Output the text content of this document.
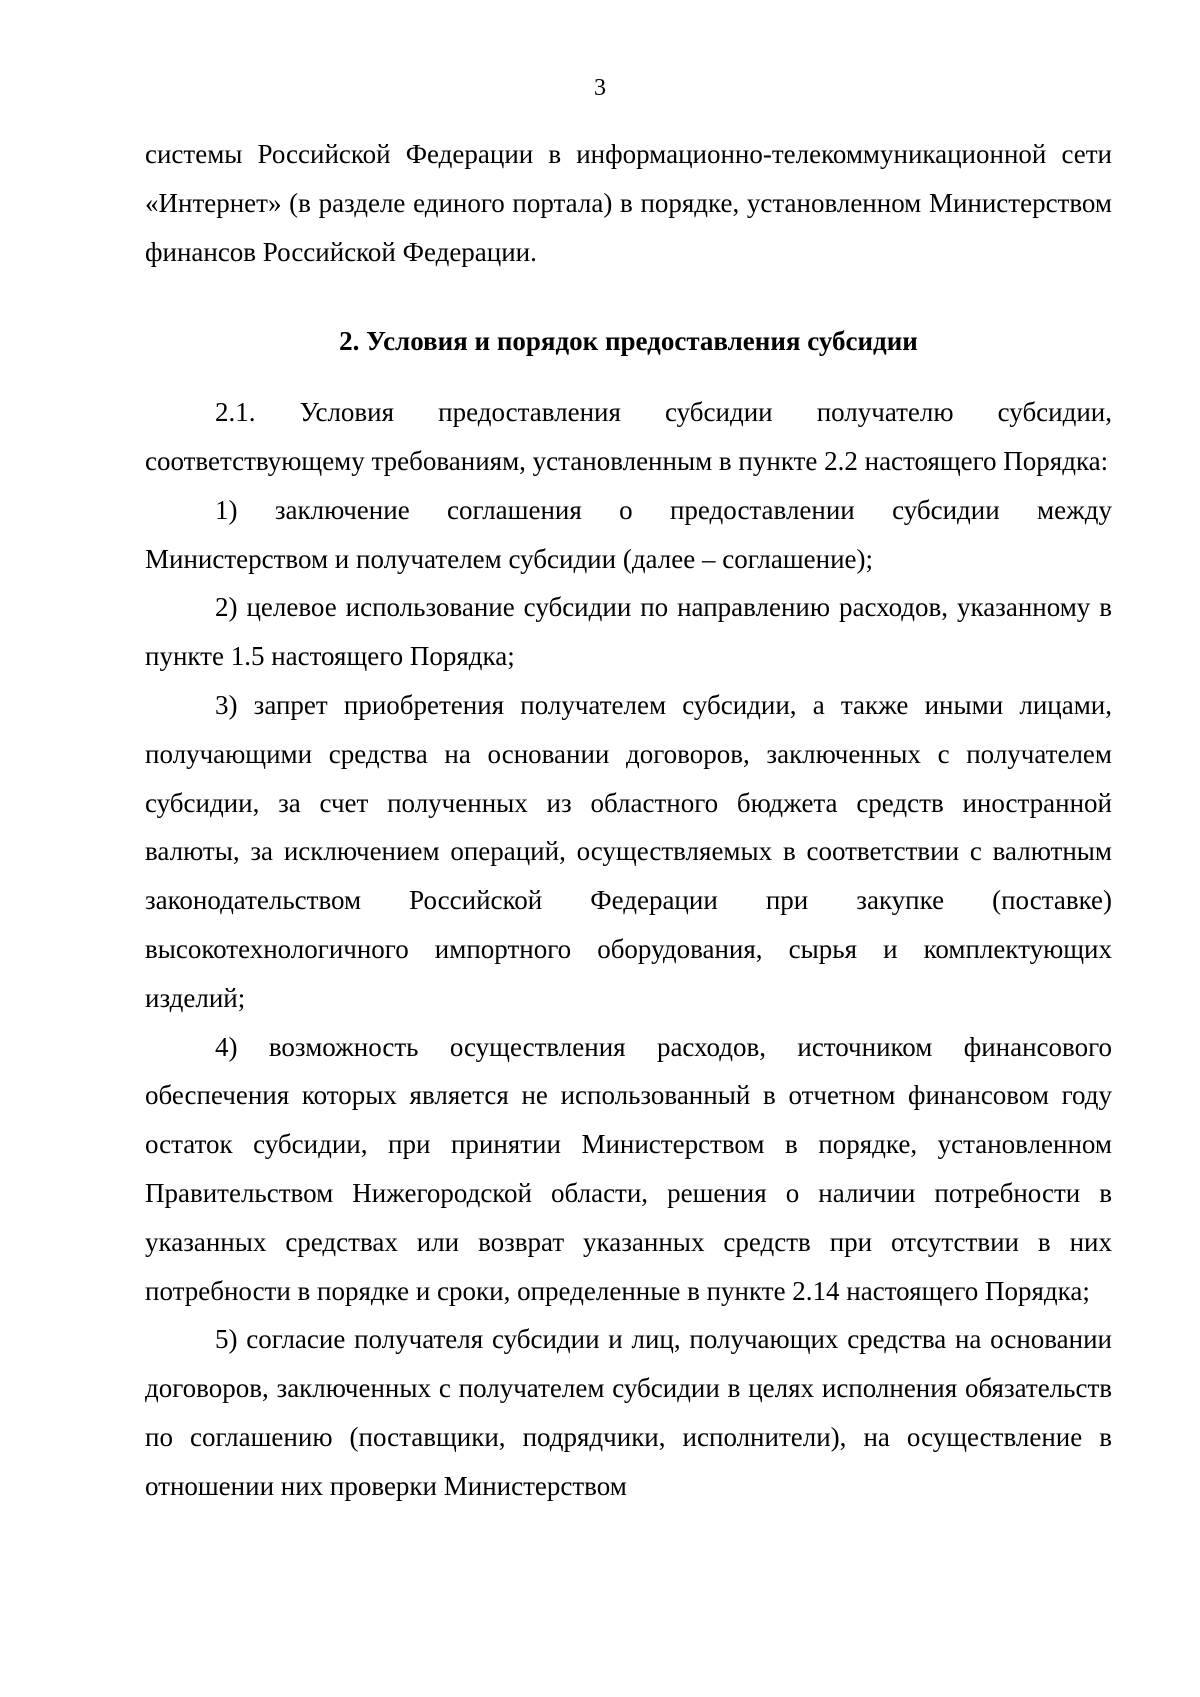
3

системы Российской Федерации в информационно-телекоммуникационной сети «Интернет» (в разделе единого портала) в порядке, установленном Министерством финансов Российской Федерации.

2. Условия и порядок предоставления субсидии

2.1. Условия предоставления субсидии получателю субсидии, соответствующему требованиям, установленным в пункте 2.2 настоящего Порядка:

1) заключение соглашения о предоставлении субсидии между Министерством и получателем субсидии (далее – соглашение);

2) целевое использование субсидии по направлению расходов, указанному в пункте 1.5 настоящего Порядка;

3) запрет приобретения получателем субсидии, а также иными лицами, получающими средства на основании договоров, заключенных с получателем субсидии, за счет полученных из областного бюджета средств иностранной валюты, за исключением операций, осуществляемых в соответствии с валютным законодательством Российской Федерации при закупке (поставке) высокотехнологичного импортного оборудования, сырья и комплектующих изделий;

4) возможность осуществления расходов, источником финансового обеспечения которых является не использованный в отчетном финансовом году остаток субсидии, при принятии Министерством в порядке, установленном Правительством Нижегородской области, решения о наличии потребности в указанных средствах или возврат указанных средств при отсутствии в них потребности в порядке и сроки, определенные в пункте 2.14 настоящего Порядка;

5) согласие получателя субсидии и лиц, получающих средства на основании договоров, заключенных с получателем субсидии в целях исполнения обязательств по соглашению (поставщики, подрядчики, исполнители), на осуществление в отношении них проверки Министерством
